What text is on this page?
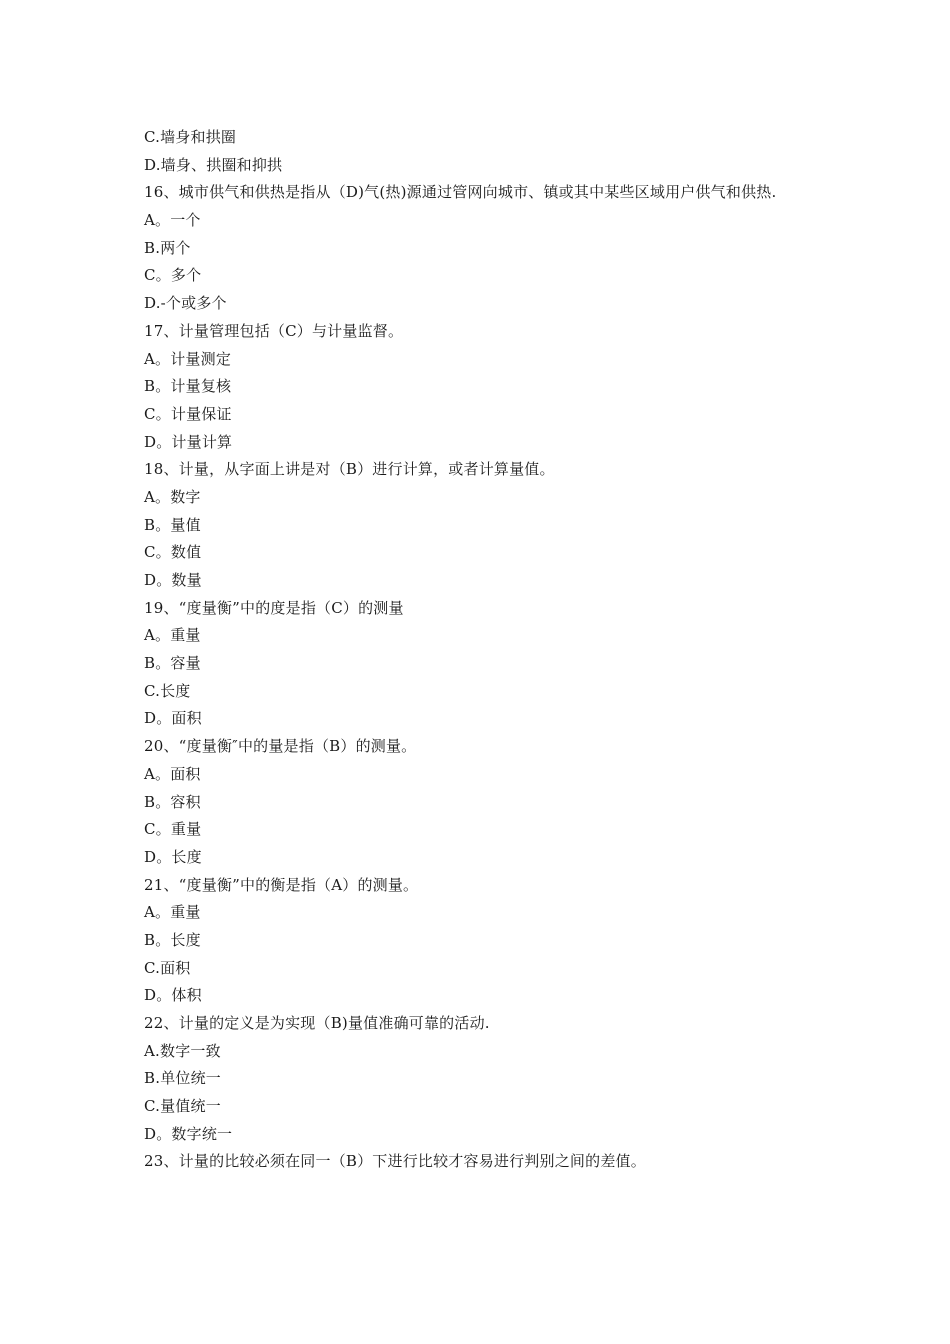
C.墙身和拱圈
D.墙身、拱圈和抑拱
16、城市供气和供热是指从（D)气(热)源通过管网向城市、镇或其中某些区域用户供气和供热.
A。一个
B.两个
C。多个
D.-个或多个
17、计量管理包括（C）与计量监督。
A。计量测定
B。计量复核
C。计量保证
D。计量计算
18、计量，从字面上讲是对（B）进行计算，或者计算量值。
A。数字
B。量值
C。数值
D。数量
19、“度量衡”中的度是指（C）的测量
A。重量
B。容量
C.长度
D。面积
20、“度量衡″中的量是指（B）的测量。
A。面积
B。容积
C。重量
D。长度
21、“度量衡”中的衡是指（A）的测量。
A。重量
B。长度
C.面积
D。体积
22、计量的定义是为实现（B)量值准确可靠的活动.
A.数字一致
B.单位统一
C.量值统一
D。数字统一
23、计量的比较必须在同一（B）下进行比较才容易进行判别之间的差值。
